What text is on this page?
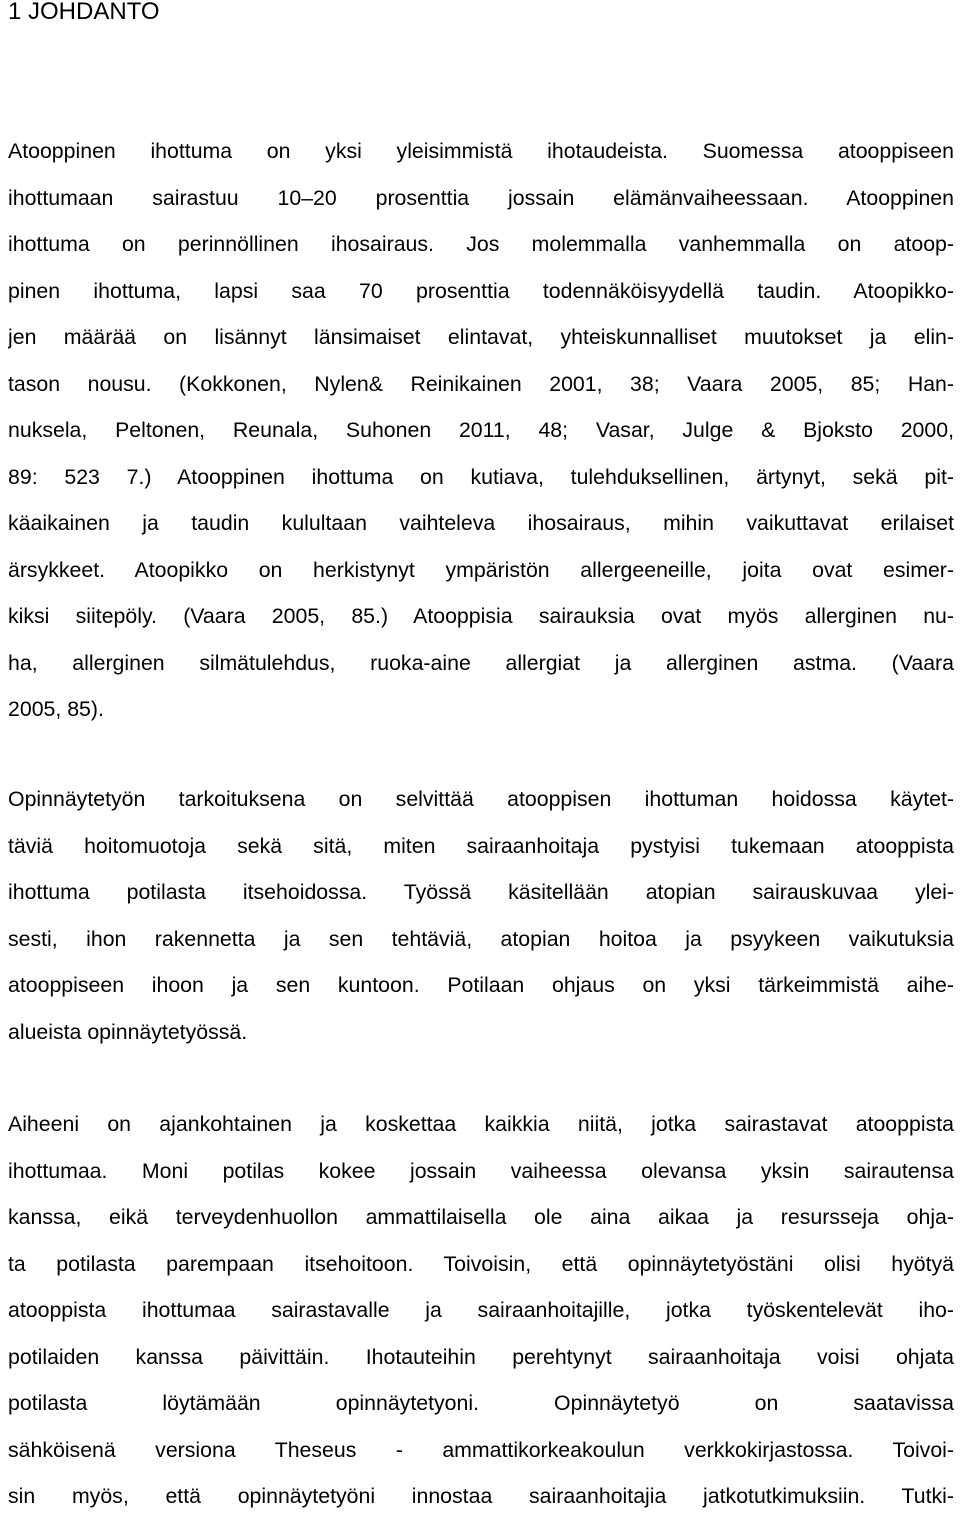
1 JOHDANTO
Atooppinen ihottuma on yksi yleisimmistä ihotaudeista. Suomessa atooppiseen
ihottumaan sairastuu 10–20 prosenttia jossain elämänvaiheessaan. Atooppinen
ihottuma on perinnöllinen ihosairaus. Jos molemmalla vanhemmalla on atoop-
pinen ihottuma, lapsi saa 70 prosenttia todennäköisyydellä taudin. Atoopikko-
jen määrää on lisännyt länsimaiset elintavat, yhteiskunnalliset muutokset ja elin-
tason nousu. (Kokkonen, Nylen& Reinikainen 2001, 38; Vaara 2005, 85; Han-
nuksela, Peltonen, Reunala, Suhonen 2011, 48; Vasar, Julge & Bjoksto 2000,
89: 523 7.) Atooppinen ihottuma on kutiava, tulehduksellinen, ärtynyt, sekä pit-
käaikainen ja taudin kulultaan vaihteleva ihosairaus, mihin vaikuttavat erilaiset
ärsykkeet. Atoopikko on herkistynyt ympäristön allergeeneille, joita ovat esimer-
kiksi siitepöly. (Vaara 2005, 85.) Atooppisia sairauksia ovat myös allerginen nu-
ha, allerginen silmätulehdus, ruoka-aine allergiat ja allerginen astma. (Vaara
2005, 85).
Opinnäytetyön tarkoituksena on selvittää atooppisen ihottuman hoidossa käytet-
täviä hoitomuotoja sekä sitä, miten sairaanhoitaja pystyisi tukemaan atooppista
ihottuma potilasta itsehoidossa. Työssä käsitellään atopian sairauskuvaa ylei-
sesti, ihon rakennetta ja sen tehtäviä, atopian hoitoa ja psyykeen vaikutuksia
atooppiseen ihoon ja sen kuntoon. Potilaan ohjaus on yksi tärkeimmistä aihe-
alueista opinnäytetyössä.
Aiheeni on ajankohtainen ja koskettaa kaikkia niitä, jotka sairastavat atooppista
ihottumaa. Moni potilas kokee jossain vaiheessa olevansa yksin sairautensa
kanssa, eikä terveydenhuollon ammattilaisella ole aina aikaa ja resursseja ohja-
ta potilasta parempaan itsehoitoon. Toivoisin, että opinnäytetyöstäni olisi hyötyä
atooppista ihottumaa sairastavalle ja sairaanhoitajille, jotka työskentelevät iho-
potilaiden kanssa päivittäin. Ihotauteihin perehtynyt sairaanhoitaja voisi ohjata
potilasta löytämään opinnäytetyoni. Opinnäytetyö on saatavissa
sähköisenä versiona Theseus - ammattikorkeakoulun verkkokirjastossa. Toivoi-
sin myös, että opinnäytetyöni innostaa sairaanhoitajia jatkotutkimuksiin. Tutki-
